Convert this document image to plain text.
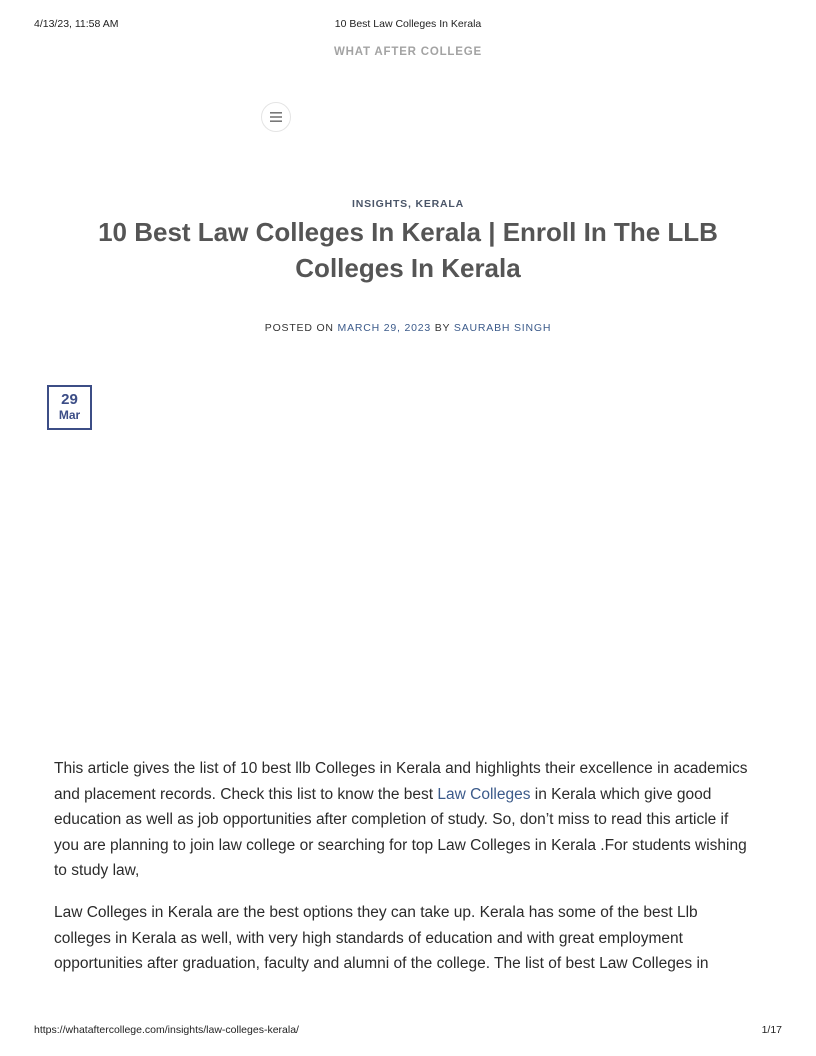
4/13/23, 11:58 AM	10 Best Law Colleges In Kerala
WHAT AFTER COLLEGE
INSIGHTS, KERALA
10 Best Law Colleges In Kerala | Enroll In The LLB
Colleges In Kerala
POSTED ON MARCH 29, 2023 BY SAURABH SINGH
29
Mar

This article gives the list of 10 best llb Colleges in Kerala and highlights their excellence in academics and placement records. Check this list to know the best Law Colleges in Kerala which give good education as well as job opportunities after completion of study. So, don’t miss to read this article if you are planning to join law college or searching for top Law Colleges in Kerala .For students wishing to study law,

Law Colleges in Kerala are the best options they can take up. Kerala has some of the best Llb colleges in Kerala as well, with very high standards of education and with great employment opportunities after graduation, faculty and alumni of the college. The list of best Law Colleges in

https://whataftercollege.com/insights/law-colleges-kerala/	1/17
